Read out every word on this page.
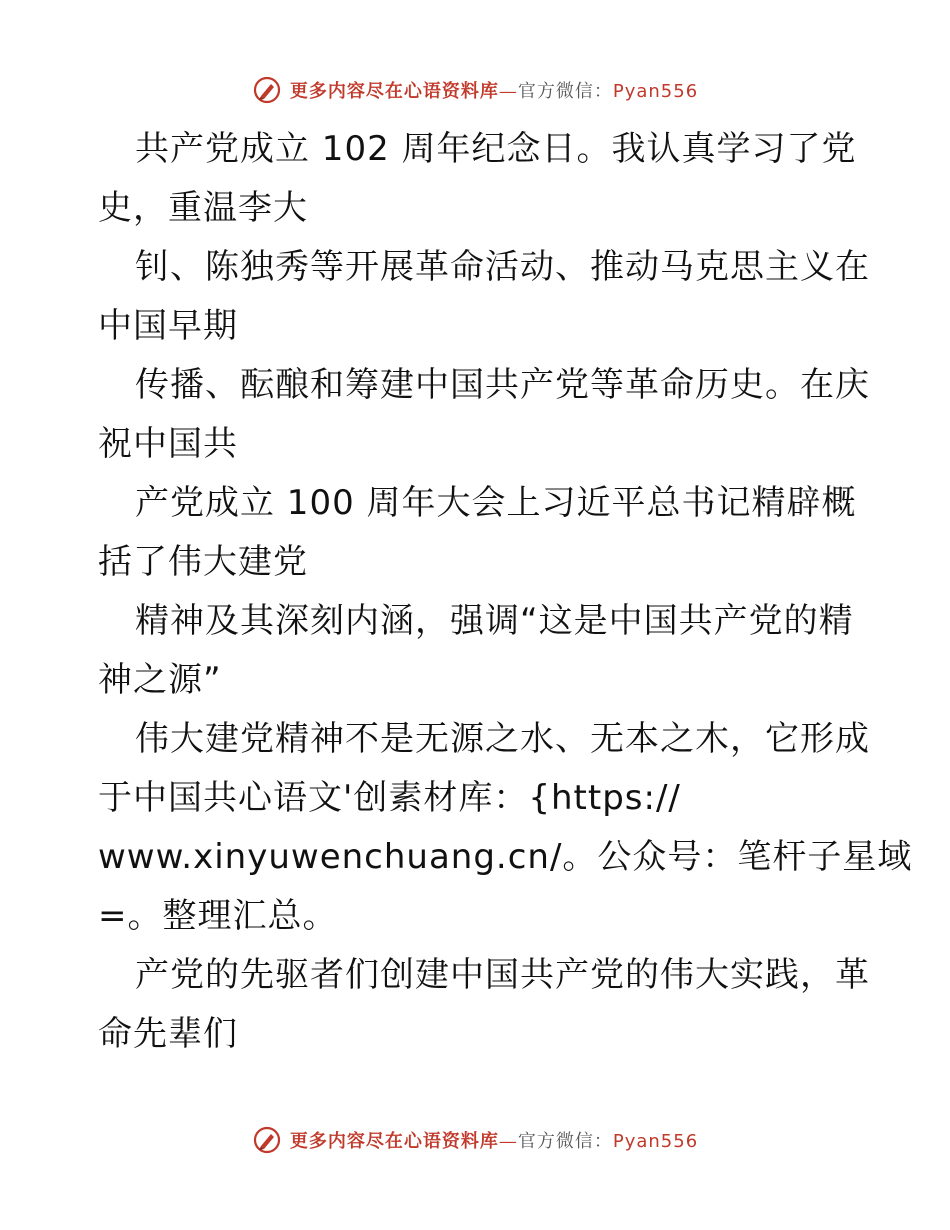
更多内容尽在心语资料库—官方微信：Pyan556
共产党成立 102 周年纪念日。我认真学习了党
史，重温李大
钊、陈独秀等开展革命活动、推动马克思主义在
中国早期
传播、酝酿和筹建中国共产党等革命历史。在庆
祝中国共
产党成立 100 周年大会上习近平总书记精辟概
括了伟大建党
精神及其深刻内涵，强调“这是中国共产党的精
神之源”
伟大建党精神不是无源之水、无本之木，它形成
于中国共心语文'创素材库：{https://
www.xinyuwenchuang.cn/。公众号：笔杆子星域
=。整理汇总。
产党的先驱者们创建中国共产党的伟大实践，革
命先辈们
更多内容尽在心语资料库—官方微信：Pyan556
